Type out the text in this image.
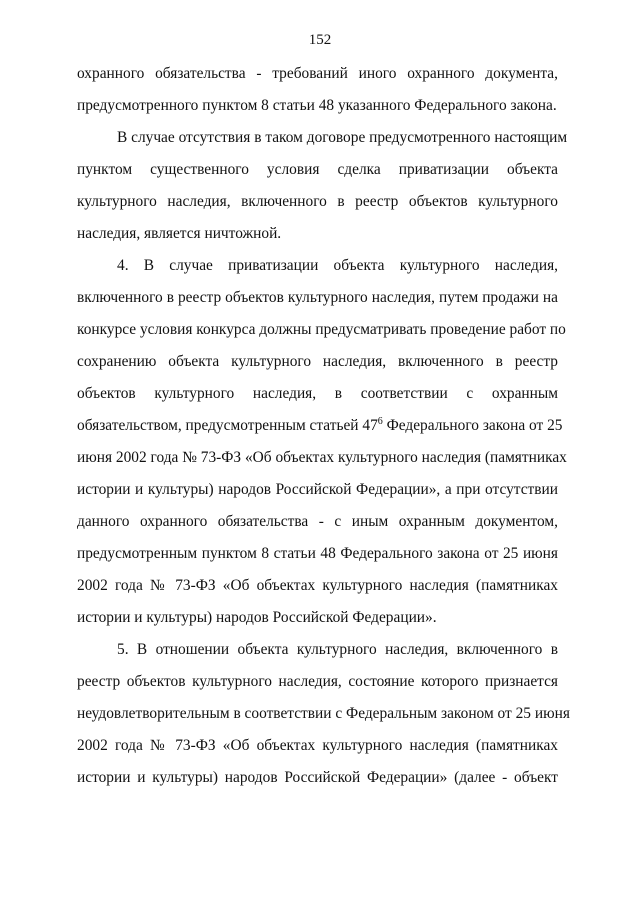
152
охранного обязательства - требований иного охранного документа,
предусмотренного пунктом 8 статьи 48 указанного Федерального закона.
В случае отсутствия в таком договоре предусмотренного настоящим
пунктом существенного условия сделка приватизации объекта
культурного наследия, включенного в реестр объектов культурного
наследия, является ничтожной.
4. В случае приватизации объекта культурного наследия,
включенного в реестр объектов культурного наследия, путем продажи на
конкурсе условия конкурса должны предусматривать проведение работ по
сохранению объекта культурного наследия, включенного в реестр
объектов культурного наследия, в соответствии с охранным
обязательством, предусмотренным статьей $47^6$ Федерального закона от 25
июня 2002 года № 73-ФЗ «Об объектах культурного наследия (памятниках
истории и культуры) народов Российской Федерации», а при отсутствии
данного охранного обязательства - с иным охранным документом,
предусмотренным пунктом 8 статьи 48 Федерального закона от 25 июня
2002 года № 73-ФЗ «Об объектах культурного наследия (памятниках
истории и культуры) народов Российской Федерации».
5. В отношении объекта культурного наследия, включенного в
реестр объектов культурного наследия, состояние которого признается
неудовлетворительным в соответствии с Федеральным законом от 25 июня
2002 года № 73-ФЗ «Об объектах культурного наследия (памятниках
истории и культуры) народов Российской Федерации» (далее - объект
